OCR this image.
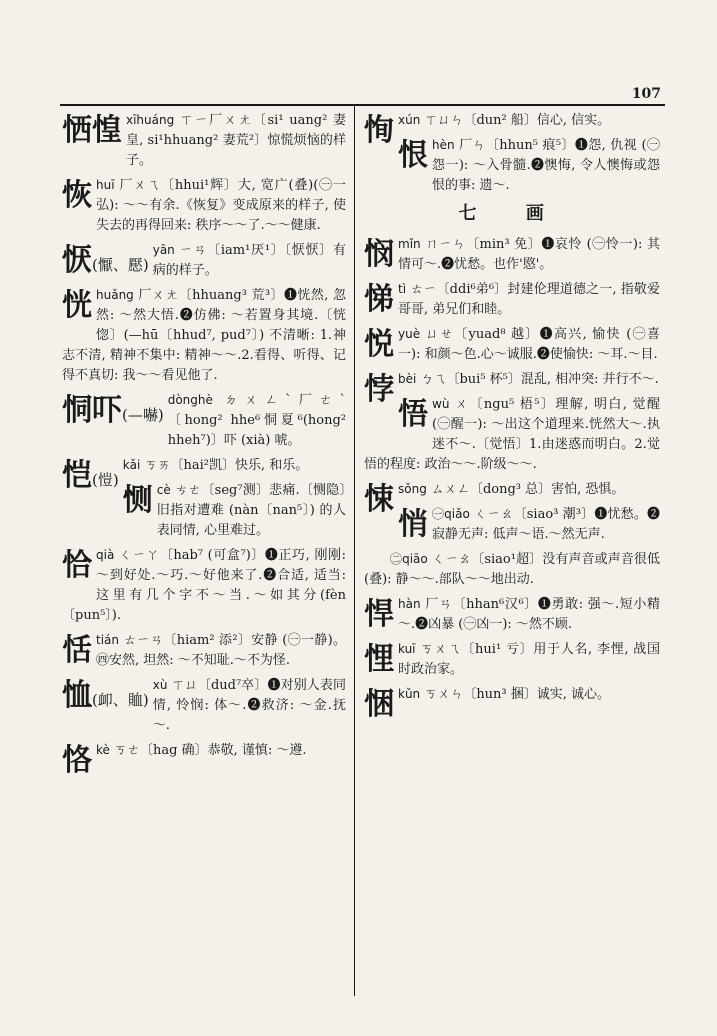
107

恓惶 xīhuáng ㄒㄧ厂ㄨㄤ〔si¹ uang² 妻皇, si¹hhuang² 妻荒²〕惊慌烦恼的样子。

恢huī 厂ㄨㄟ〔hhui¹辉〕大, 宽广(叠)(㊀一弘): ～～有余.《恢复》变成原来的样子, 使失去的再得回来: 秩序～～了.～～健康.

恹(懨、懕)
yān ㄧㄢ〔iam¹厌¹〕〔恹恹〕有病的样子。

恍huǎng 厂ㄨㄤ〔hhuang³ 荒³〕❶恍然, 忽然: ～然大悟.❷仿佛: ～若置身其境.〔恍惚〕(—hū〔hhud⁷, pud⁷〕) 不清晰: 1.神志不清, 精神不集中: 精神～～.2.看得、听得、记得不真切: 我～～看见他了.

恫吓(—嚇)
dònghè ㄉㄨㄥˋ厂ㄜˋ〔hong² hhe⁶恫夏⁶(hong² hheh⁷)〕吓 (xià) 唬。

恺(愷)
kǎi ㄎㄞ〔hai²凯〕快乐, 和乐。

恻cè ㄘㄜ〔seg⁷测〕悲痛.〔恻隐〕旧指对遭难 (nàn〔nan⁵〕) 的人表同情, 心里难过。

恰qià ㄑㄧㄚ〔hab⁷ (可盒⁷)〕❶正巧, 刚刚: ～到好处.～巧.～好他来了.❷合适, 适当: 这里有几个字不～当.～如其分(fèn〔pun⁵〕).

恬tián ㄊㄧㄢ〔hiam² 添²〕安静 (㊀一静)。㊃安然, 坦然: ～不知耻.～不为怪.

恤(卹、賉)
xù ㄒㄩ〔dud⁷卒〕❶对别人表同情, 怜悯: 体～.❷救济: ～金.抚～.

恪kè ㄎㄜ〔hag 确〕恭敬, 谨慎: ～遵.

恂xún ㄒㄩㄣ〔dun² 船〕信心, 信实。

恨hèn 厂ㄣ〔hhun⁵ 痕⁵〕❶怨, 仇视 (㊀怨一): ～入骨髓.❷懊悔, 令人懊悔或怨恨的事: 遗～.

七 画

悯mǐn ㄇㄧㄣ〔min³ 免〕❶哀怜 (㊀怜一): 其情可～.❷忧愁。也作'愍'。

悌tì ㄊㄧ〔ddi⁶弟⁶〕封建伦理道德之一, 指敬爱哥哥, 弟兄们和睦。

悦yuè ㄩㄝ〔yuad⁸ 越〕❶高兴, 愉快 (㊀喜一): 和颜～色.心～诚服.❷使愉快: ～耳.～目.

悖bèi ㄅㄟ〔bui⁵ 杯⁵〕混乱, 相冲突: 并行不～.

悟wù ㄨ〔ngu⁵ 梧⁵〕理解, 明白, 觉醒 (㊀醒一): ～出这个道理来.恍然大～.执迷不～.〔觉悟〕1.由迷惑而明白。2.觉悟的程度: 政治～～.阶级～～.

悚sǒng ㄙㄨㄥ〔dong³ 总〕害怕, 恐惧。

悄 ㊀qiǎo ㄑㄧㄠ〔siao³ 潮³〕❶忧愁。❷寂静无声: 低声～语.～然无声.

㊁qiāo ㄑㄧㄠ〔siao¹超〕没有声音或声音很低(叠): 静～～.部队～～地出动.

悍hàn 厂ㄢ〔hhan⁶汉⁶〕❶勇敢: 强～.短小精～.❷凶暴 (㊀凶一): ～然不顾.

悝kuī ㄎㄨㄟ〔hui¹ 亏〕用于人名, 李悝, 战国时政治家。

悃kǔn ㄎㄨㄣ〔hun³ 捆〕诚实, 诚心。
